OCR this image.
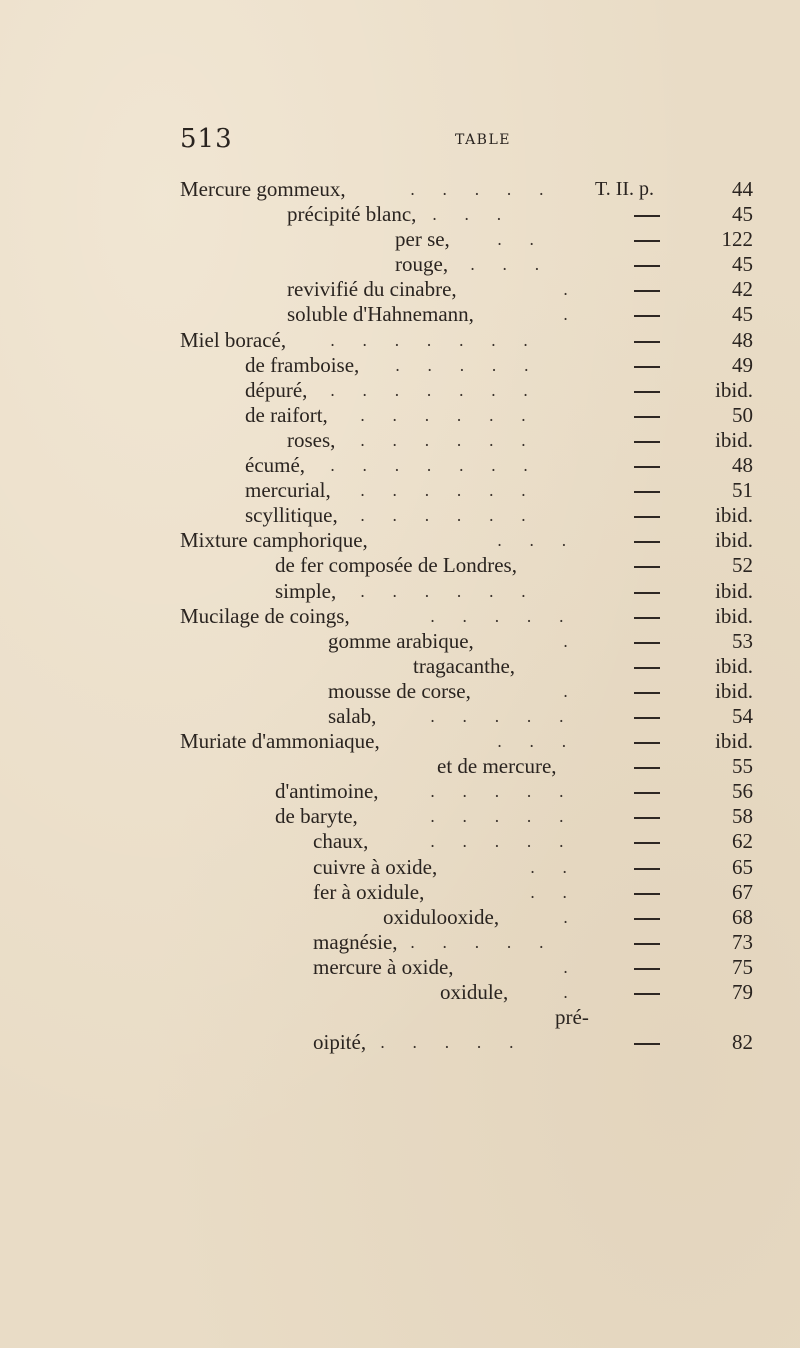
513	TABLE
Mercure gommeux,	. . . . . T. II. p.	44
précipité blanc, . . .	45
per se,	. .	122
rouge, . . .	45
revivifié du cinabre,	.	42
soluble d'Hahnemann,	.	45
Miel boracé,	. . . . . . .	48
de framboise, . . . . .	49
dépuré, . . . . . . .	ibid.
de raifort, . . . . . .	50
roses, . . . . . .	ibid.
écumé, . . . . . . .	48
mercurial, . . . . . .	51
scyllitique, . . . . . .	ibid.
Mixture camphorique,	. . .	ibid.
de fer composée de Londres,	52
simple, . . . . . .	ibid.
Mucilage de coings,	. . . . .	ibid.
gomme arabique,	.	53
tragacanthe,	ibid.
mousse de corse,	.	ibid.
salab,	. . . . .	54
Muriate d'ammoniaque,	. . .	ibid.
et de mercure,	55
d'antimoine,	. . . . .	56
de baryte,	. . . . .	58
chaux,	. . . . .	62
cuivre à oxide,	. .	65
fer à oxidule,	. .	67
oxidulooxide,	.	68
magnésie, . . . . .	73
mercure à oxide,	.	75
oxidule,	.	79
pré-
oipité, . . . . .	82
